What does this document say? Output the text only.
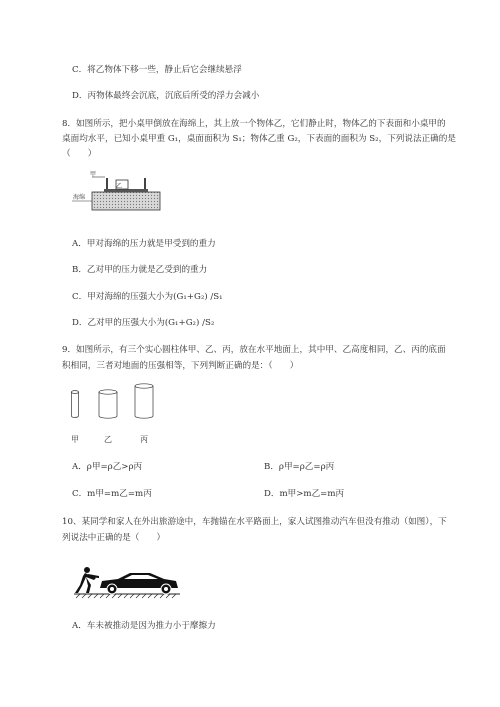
C．将乙物体下移一些，静止后它会继续悬浮
D．丙物体最终会沉底，沉底后所受的浮力会减小
8．如图所示，把小桌甲倒放在海绵上，其上放一个物体乙，它们静止时，物体乙的下表面和小桌甲的
桌面均水平，已知小桌甲重 G₁，桌面面积为 S₁；物体乙重 G₂，下表面的面积为 S₂，下列说法正确的是
（　　）
甲
乙
海绵
A．甲对海绵的压力就是甲受到的重力
B．乙对甲的压力就是乙受到的重力
C．甲对海绵的压强大小为(G₁+G₂) /S₁
D．乙对甲的压强大小为(G₁+G₂) /S₂
9．如图所示，有三个实心圆柱体甲、乙、丙，放在水平地面上，其中甲、乙高度相同，乙、丙的底面
积相同，三者对地面的压强相等，下列判断正确的是：（　　）
甲	乙	丙
A．ρ甲=ρ乙>ρ丙	B．ρ甲=ρ乙=ρ丙
C．m甲=m乙=m丙	D．m甲>m乙=m丙
10、某同学和家人在外出旅游途中，车抛锚在水平路面上，家人试图推动汽车但没有推动（如图），下
列说法中正确的是（　　）
A．车未被推动是因为推力小于摩擦力
